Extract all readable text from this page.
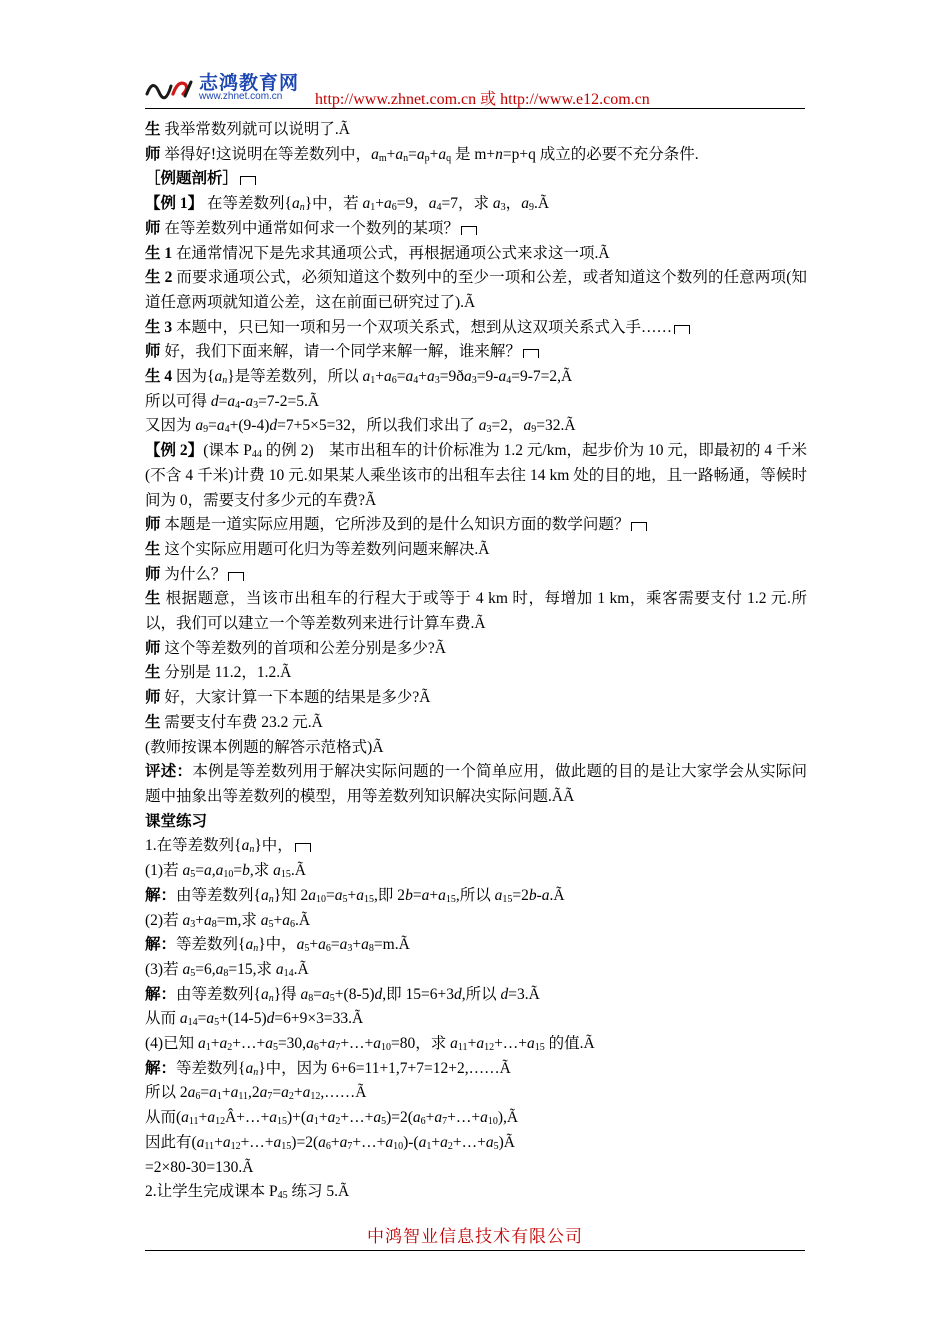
志鸿教育网
www.zhnet.com.cn http://www.zhnet.com.cn 或 http://www.e12.com.cn
生 我举常数列就可以说明了.Ã
师 举得好!这说明在等差数列中，$a_m+a_n=a_p+a_q$ 是 m+n=p+q 成立的必要不充分条件.
［例题剖析］
【例 1】 在等差数列$\{a_n\}$中，若 $a_1+a_6=9$，$a_4=7$，求 $a_3$，$a_9.Ã$
师 在等差数列中通常如何求一个数列的某项？
生 1 在通常情况下是先求其通项公式，再根据通项公式来求这一项.Ã
生 2 而要求通项公式，必须知道这个数列中的至少一项和公差，或者知道这个数列的任意两项(知道任意两项就知道公差，这在前面已研究过了).Ã
生 3 本题中，只已知一项和另一个双项关系式，想到从这双项关系式入手……
师 好，我们下面来解，请一个同学来解一解，谁来解？
生 4 因为$\{a_n\}$是等差数列，所以 $a_1+a_6=a_4+a_3=9ða_3=9-a_4=9-7=2,Ã$
所以可得 $d=a_4-a_3=7-2=5.Ã$
又因为 $a_9=a_4+(9-4)d=7+5\times 5=32$，所以我们求出了 $a_3=2$，$a_9=32.Ã$
【例 2】(课本 $P_{44}$ 的例 2)　某市出租车的计价标准为 1.2 元/km，起步价为 10 元，即最初的 4 千米(不含 4 千米)计费 10 元.如果某人乘坐该市的出租车去往 14 km 处的目的地，且一路畅通，等候时间为 0，需要支付多少元的车费?Ã
师 本题是一道实际应用题，它所涉及到的是什么知识方面的数学问题？
生 这个实际应用题可化归为等差数列问题来解决.Ã
师 为什么？
生 根据题意，当该市出租车的行程大于或等于 4 km 时，每增加 1 km，乘客需要支付 1.2 元.所以，我们可以建立一个等差数列来进行计算车费.Ã
师 这个等差数列的首项和公差分别是多少?Ã
生 分别是 11.2，1.2.Ã
师 好，大家计算一下本题的结果是多少?Ã
生 需要支付车费 23.2 元.Ã
(教师按课本例题的解答示范格式)Ã
评述：本例是等差数列用于解决实际问题的一个简单应用，做此题的目的是让大家学会从实际问题中抽象出等差数列的模型，用等差数列知识解决实际问题.ÃÃ
课堂练习
1.在等差数列$\{a_n\}$中，
(1)若 $a_5=a,a_{10}=b$,求 $a_{15}.Ã$
解：由等差数列$\{a_n\}$知 $2a_{10}=a_5+a_{15}$,即 $2b=a+a_{15}$,所以 $a_{15}=2b-a.Ã$
(2)若 $a_3+a_8=m$,求 $a_5+a_6.Ã$
解：等差数列$\{a_n\}$中，$a_5+a_6=a_3+a_8=m.Ã$
(3)若 $a_5=6,a_8=15$,求 $a_{14}.Ã$
解：由等差数列$\{a_n\}$得 $a_8=a_5+(8-5)d$,即 15=6+3d,所以 d=3.Ã
从而 $a_{14}=a_5+(14-5)d=6+9\times 3=33.Ã$
(4)已知 $a_1+a_2+\dots+a_5=30,a_6+a_7+\dots+a_{10}=80$，求 $a_{11}+a_{12}+\dots+a_{15}$ 的值.Ã
解：等差数列$\{a_n\}$中，因为 6+6=11+1,7+7=12+2,……Ã
所以 $2a_6=a_1+a_{11},2a_7=a_2+a_{12},\dots\dots Ã$
从而$(a_{11}+a_{12}Â+\dots+a_{15})+(a_1+a_2+\dots+a_5)=2(a_6+a_7+\dots+a_{10}),Ã$
因此有$(a_{11}+a_{12}+\dots+a_{15})=2(a_6+a_7+\dots+a_{10})-(a_1+a_2+\dots+a_5)Ã$
=2×80-30=130.Ã
2.让学生完成课本 $P_{45}$ 练习 5.Ã
中鸿智业信息技术有限公司
